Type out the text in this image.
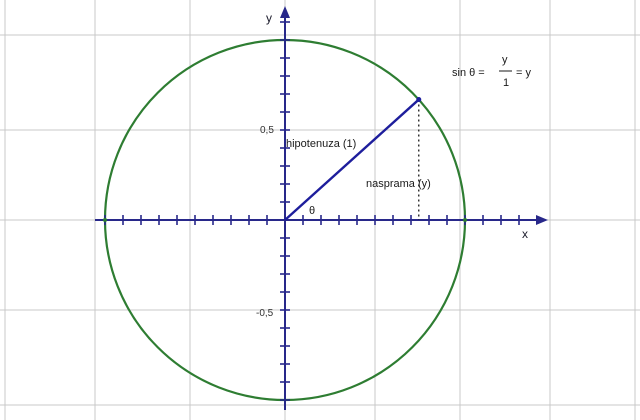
x
y
0,5
-0,5
hipotenuza (1)
nasprama (y)
θ
sin θ =
y
1
= y
